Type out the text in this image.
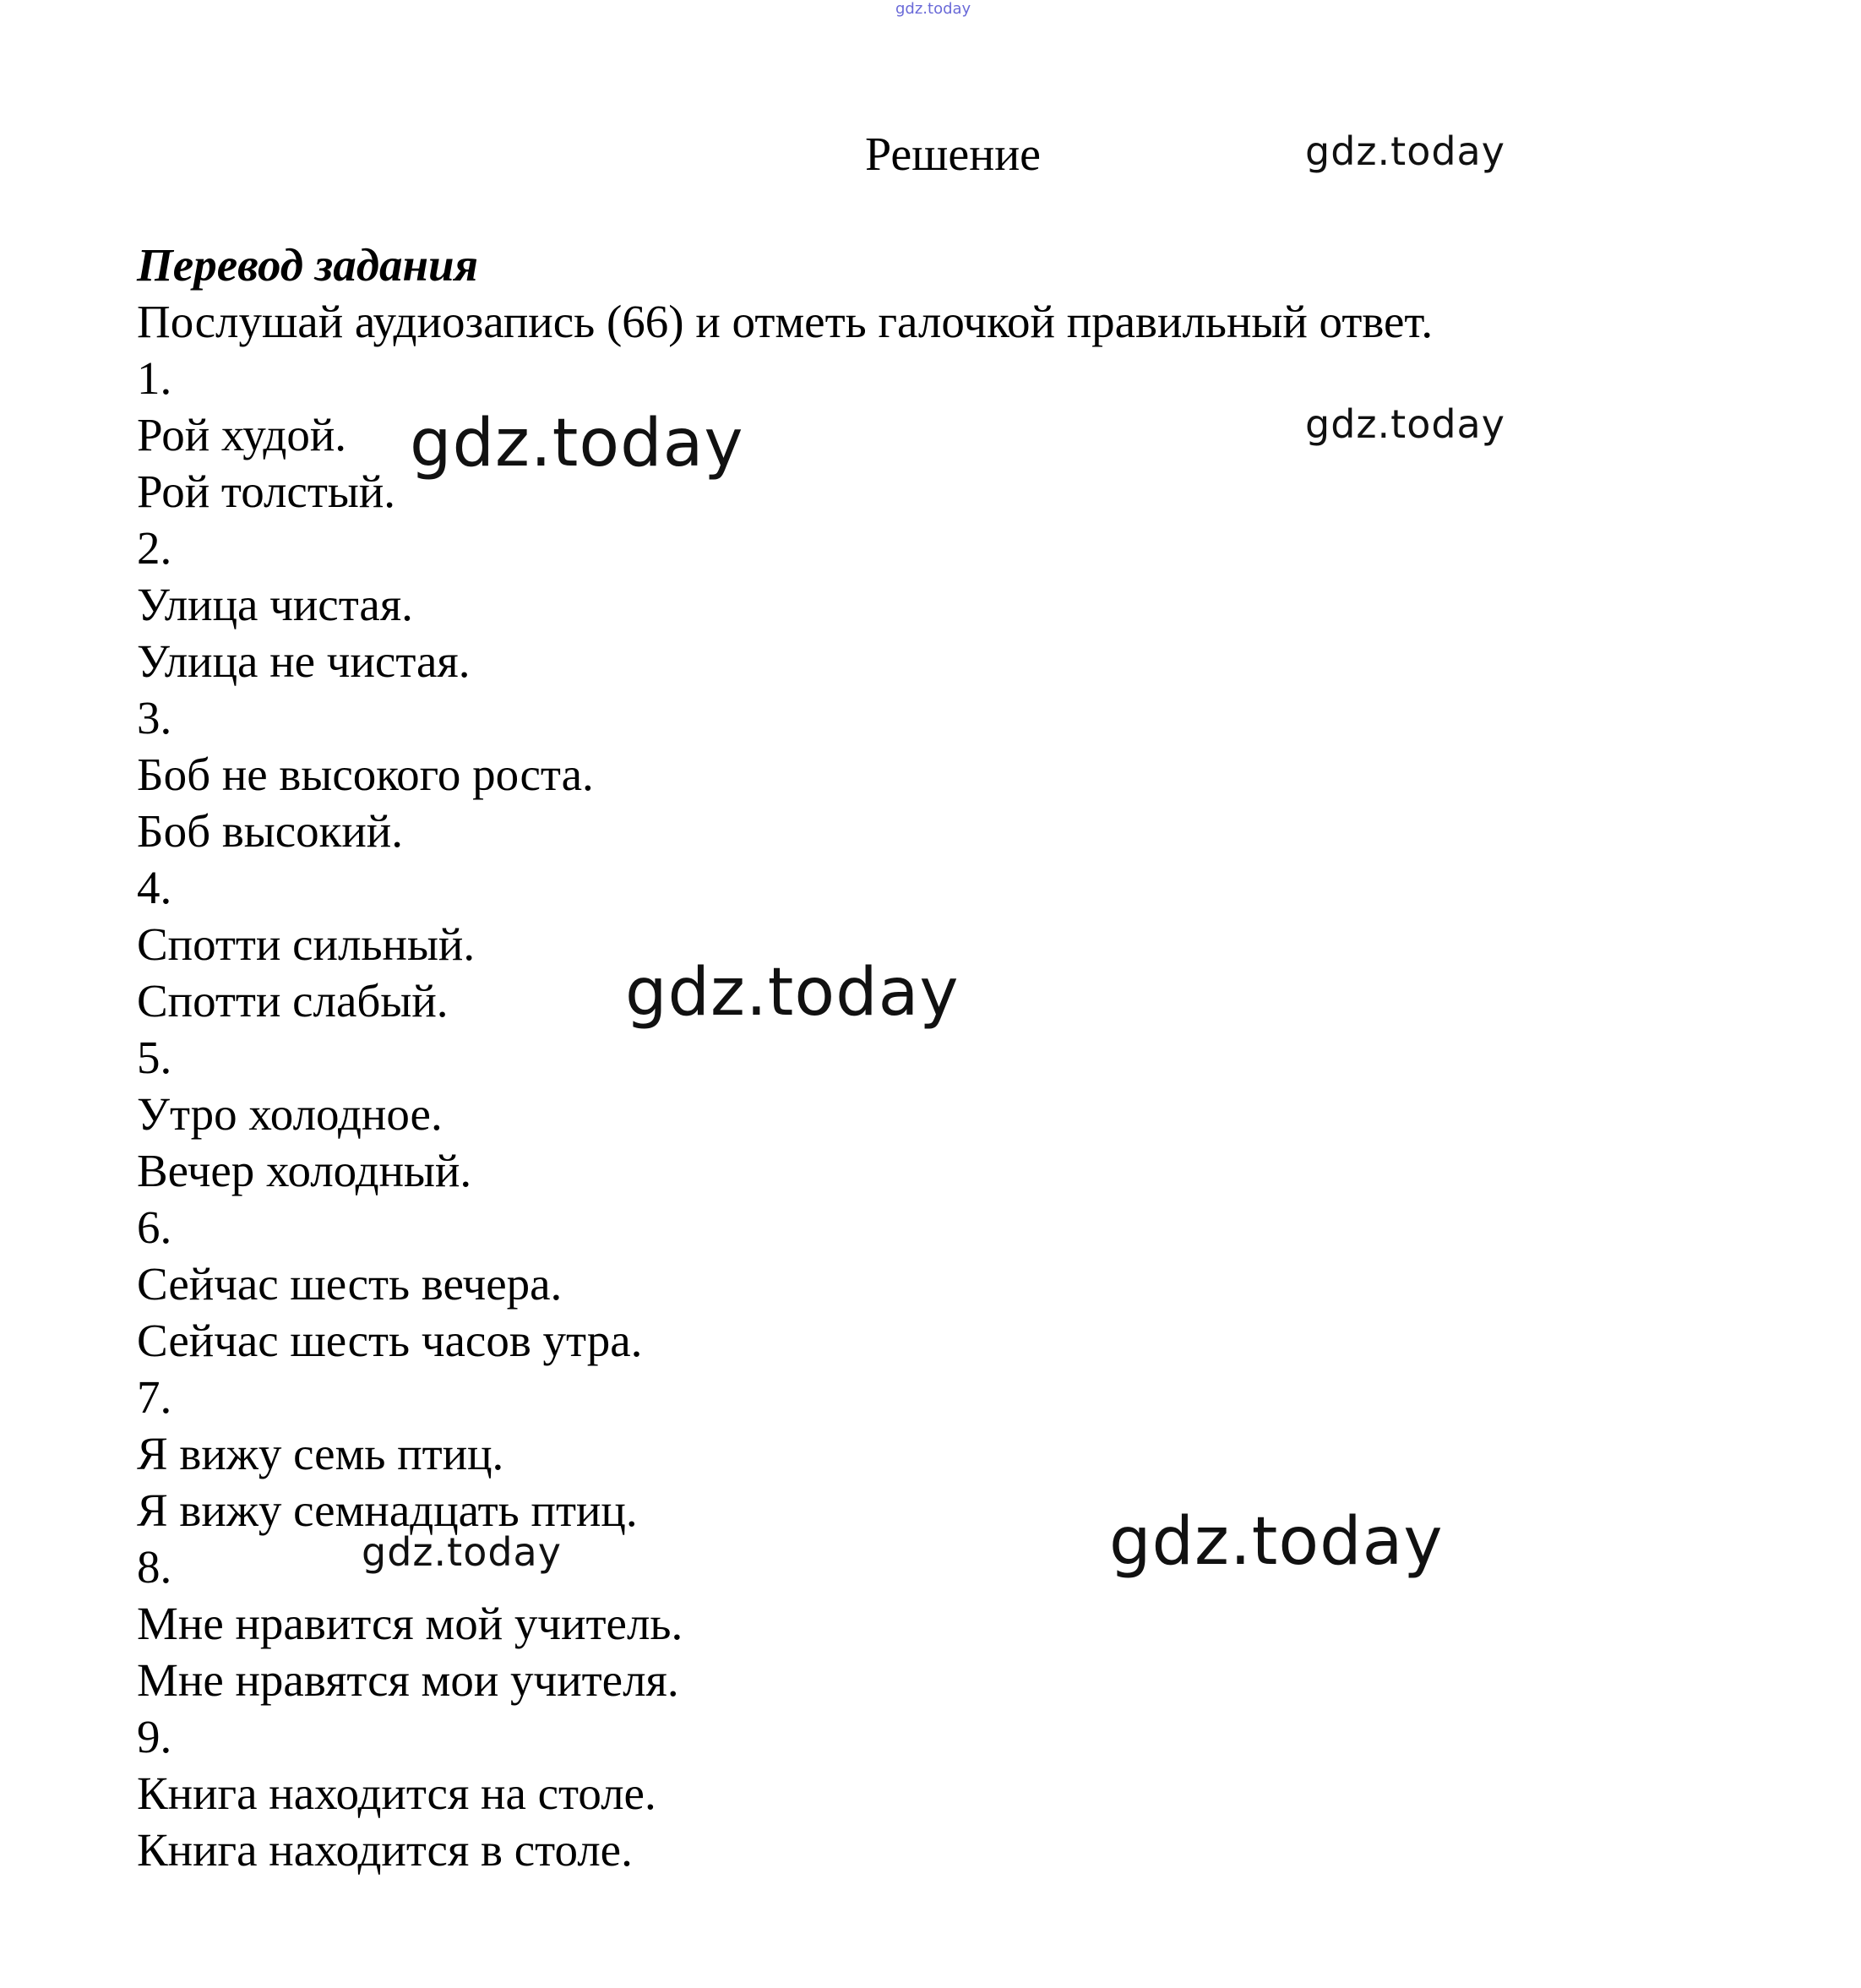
gdz.today
Решение
Перевод задания
Послушай аудиозапись (66) и отметь галочкой правильный ответ.
1.
Рой худой.
Рой толстый.
2.
Улица чистая.
Улица не чистая.
3.
Боб не высокого роста.
Боб высокий.
4.
Спотти сильный.
Спотти слабый.
5.
Утро холодное.
Вечер холодный.
6.
Сейчас шесть вечера.
Сейчас шесть часов утра.
7.
Я вижу семь птиц.
Я вижу семнадцать птиц.
8.
Мне нравится мой учитель.
Мне нравятся мои учителя.
9.
Книга находится на столе.
Книга находится в столе.
gdz.today
gdz.today
gdz.today
gdz.today
gdz.today	gdz.today
